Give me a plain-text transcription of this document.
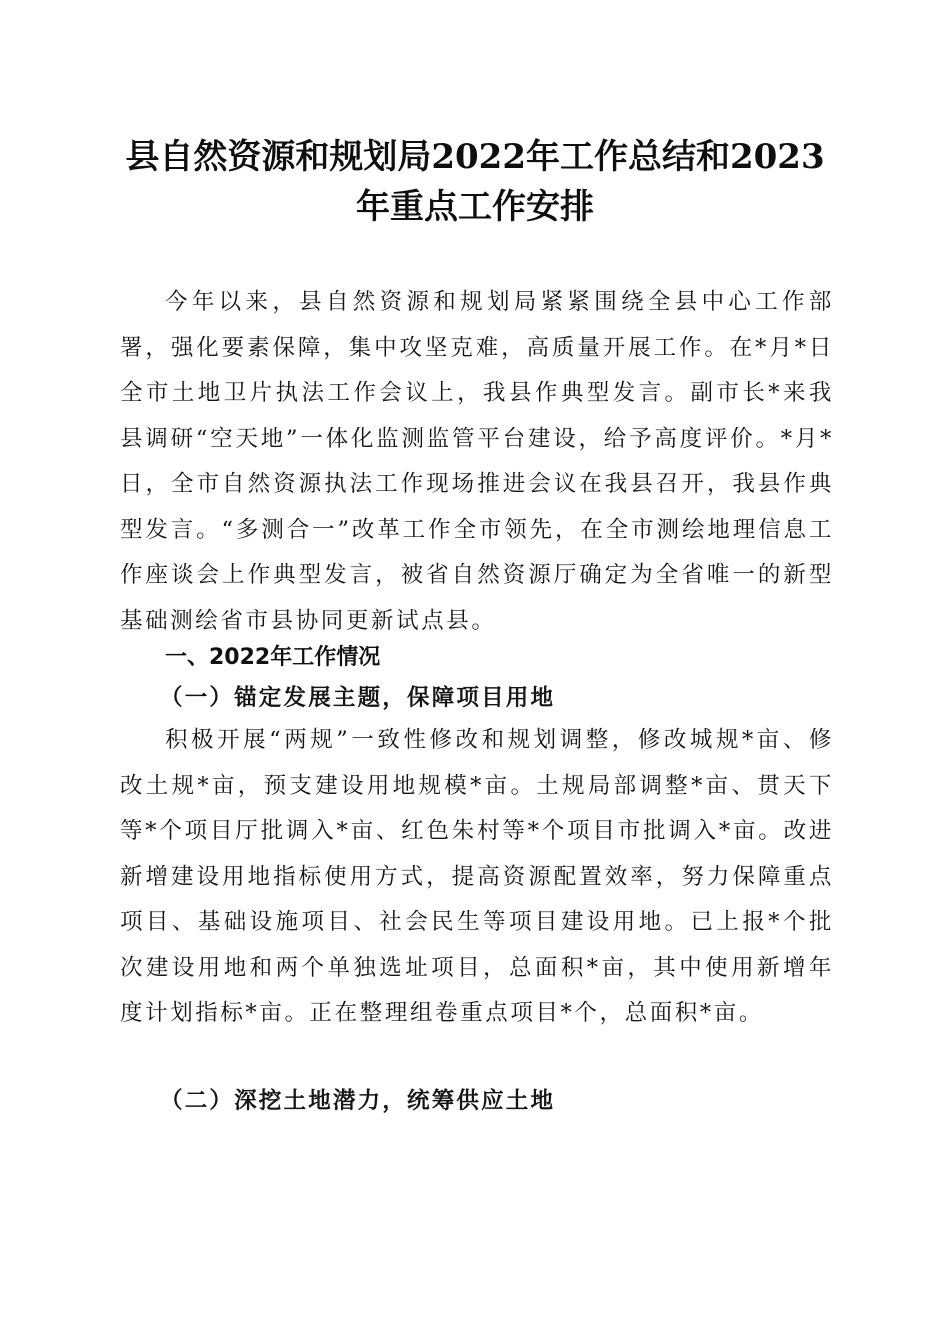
县自然资源和规划局2022年工作总结和2023
年重点工作安排

今年以来，县自然资源和规划局紧紧围绕全县中心工作部署，强化要素保障，集中攻坚克难，高质量开展工作。在*月*日全市土地卫片执法工作会议上，我县作典型发言。副市长*来我县调研“空天地”一体化监测监管平台建设，给予高度评价。*月*日，全市自然资源执法工作现场推进会议在我县召开，我县作典型发言。“多测合一”改革工作全市领先，在全市测绘地理信息工作座谈会上作典型发言，被省自然资源厅确定为全省唯一的新型基础测绘省市县协同更新试点县。

一、2022年工作情况
（一）锚定发展主题，保障项目用地

积极开展“两规”一致性修改和规划调整，修改城规*亩、修改土规*亩，预支建设用地规模*亩。土规局部调整*亩、贯天下等*个项目厅批调入*亩、红色朱村等*个项目市批调入*亩。改进新增建设用地指标使用方式，提高资源配置效率，努力保障重点项目、基础设施项目、社会民生等项目建设用地。已上报*个批次建设用地和两个单独选址项目，总面积*亩，其中使用新增年度计划指标*亩。正在整理组卷重点项目*个，总面积*亩。

（二）深挖土地潜力，统筹供应土地
